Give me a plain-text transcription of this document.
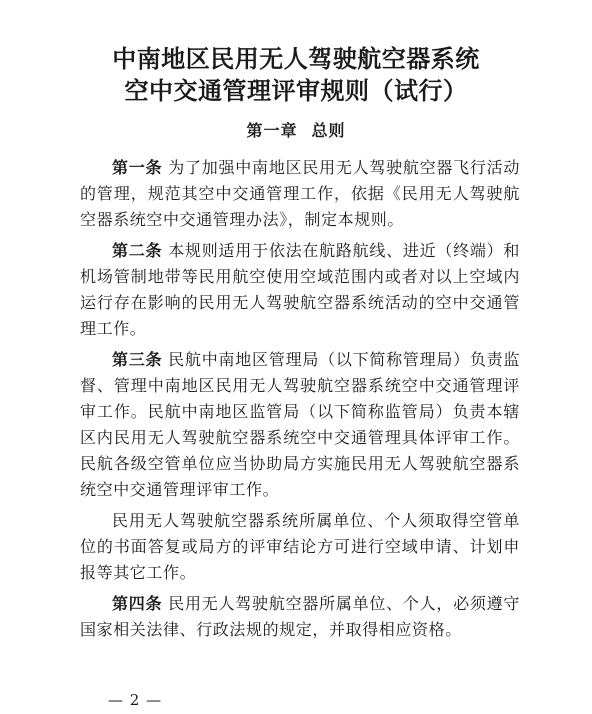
中南地区民用无人驾驶航空器系统
空中交通管理评审规则（试行）
第一章 总则

第一条 为了加强中南地区民用无人驾驶航空器飞行活动的管理，规范其空中交通管理工作，依据《民用无人驾驶航空器系统空中交通管理办法》，制定本规则。

第二条 本规则适用于依法在航路航线、进近（终端）和机场管制地带等民用航空使用空域范围内或者对以上空域内运行存在影响的民用无人驾驶航空器系统活动的空中交通管理工作。

第三条 民航中南地区管理局（以下简称管理局）负责监督、管理中南地区民用无人驾驶航空器系统空中交通管理评审工作。民航中南地区监管局（以下简称监管局）负责本辖区内民用无人驾驶航空器系统空中交通管理具体评审工作。民航各级空管单位应当协助局方实施民用无人驾驶航空器系统空中交通管理评审工作。

民用无人驾驶航空器系统所属单位、个人须取得空管单位的书面答复或局方的评审结论方可进行空域申请、计划申报等其它工作。

第四条 民用无人驾驶航空器所属单位、个人，必须遵守国家相关法律、行政法规的规定，并取得相应资格。

— 2 —
